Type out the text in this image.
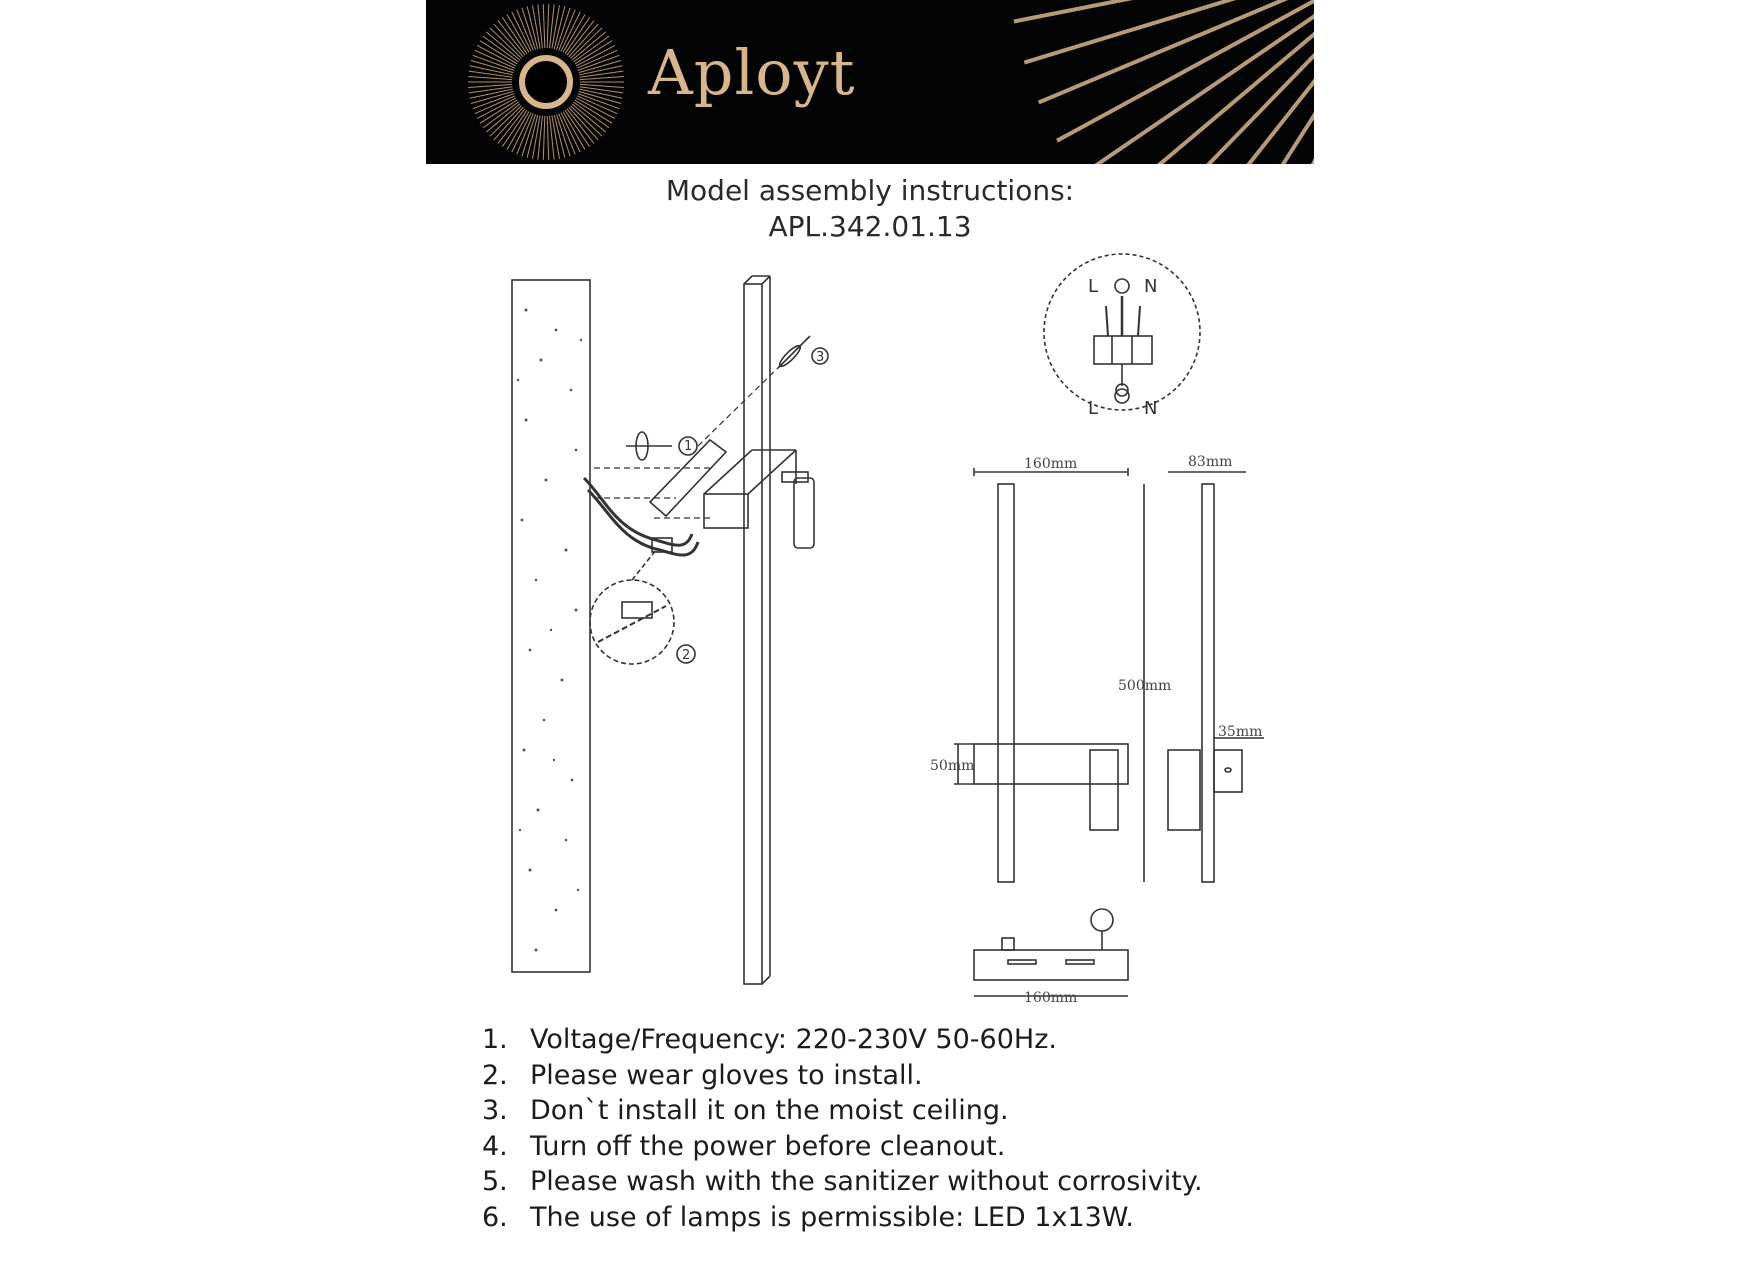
Aployt
Model assembly instructions:
APL.342.01.13
1
2
3
L	N
L	N
160mm	83mm
500mm
50mm
35mm
160mm
1. Voltage/Frequency: 220-230V 50-60Hz.
2. Please wear gloves to install.
3. Don`t install it on the moist ceiling.
4. Turn off the power before cleanout.
5. Please wash with the sanitizer without corrosivity.
6. The use of lamps is permissible: LED 1x13W.
